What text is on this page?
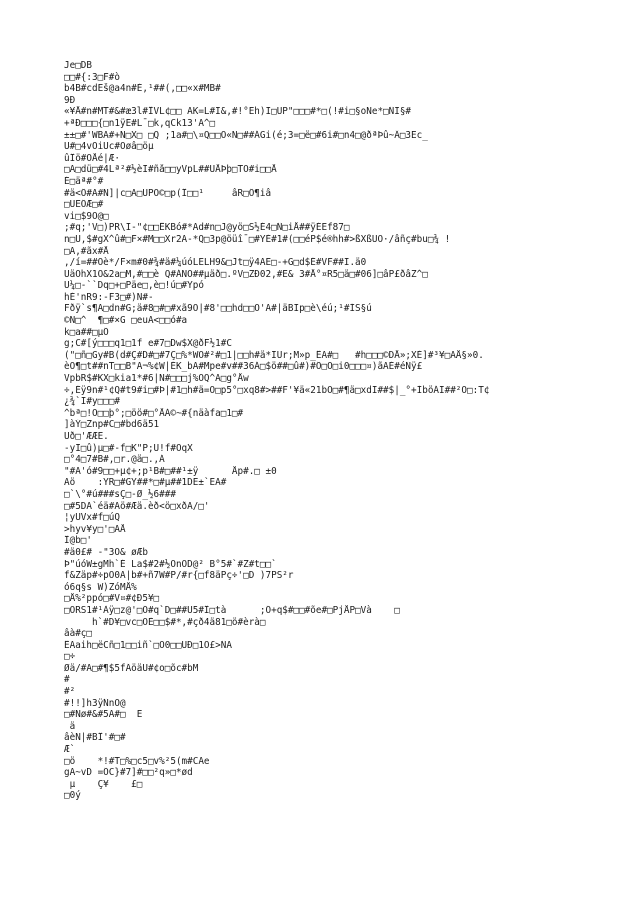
Je□DB
□□#{:3□F#ò
b4B#cdEš@a4n#É,¹##(,□□«x#MB#
9Ð
«¥Å#n#MT#&#æ3l#ÎVL¢□□ ÄK=L#I&,#!°Eh)I□ÚP"□□□#*□(!#i□§oNe*□ÑÏ§#
+ªÐ□□□{□n1ÿE#L¯□k,qCk13'A^□
±±□#'WBA#+N□X□ □Q ;1a#□\¤Q□□Ö«N□##ÁGi(é;3=□ë□#6i#□n4□@ðªÞû~Â□3Ec_
Ú#□4vÖiUc#Óøâ□öµ
ûÎö#ÓÅé|Æ·
□A□dü□#4Lª²#½èI#ñå□□yVpL##ÚÅÞþ□TÖ#i□□Å
É□äª#°#
#ä<Õ#A#N]|c□A□ÛPÖ©□p(Î□□¹     âR□Õ¶iâ
□ÛEÕÆ□#
vi□$9Ö@□
;#q;'V□)PR\I-"¢□□ÊKBó#*Äd#n□J@yö□S½É4□Ñ□iÅ##ÿÉËf87□
n□U,$#gX^û#□F×#M□□Xr2Ä-*Q□3p@öüî¯□#YÉ#1#(□□éP$é®hh#>ßXßUÖ·/âñç#bu□¾ !
□A,#ãx#Å
,/í=##Óè*/F×m#0#¾#ä#¼úóLELH9&□Jt□ÿ4ÄE□-+G□d$É#VF##I.ä0
UäÖhX1Ö&2a□M,#□□è Q#ÁNÖ##µäð□.ºV□ZÐ02,#E& 3#Å°¤R5□ä□#06]□âP£ðâZ^□
U¼□-``Dq□+□Päe□,è□!ú□#Ypó
hÉ'nR9:-F3□#)N#-
Fðÿ`s¶A□dn#G;ä#8□#□#xã9Ö|#8'□□hd□□Ó'A#|äBIp□è\éú;¹#ÍS§ú
©N□^  ¶□#×G □euA<□□ó#a
k□a##□µÕ
g;C#[ý□□□q1□1f e#7□Dw$X@ðF½1#C
("□ñ□Gy#B(d#Ç#D#□#7Ç□%*WÖ#²#□1|□□h#ä*IÛr;M»p_ÊA#□   #h□□□©DÅ»;XÉ]#³¥□ÄÅ§»0.
èÖ¶□t##nT□□B"Ä¬%¢W|ÉK_bA#Mpe#v##36Á□$ö##□û#)#Õ□Ö□i0□□□¤)ãÄÉ#éÑÿ£
VpbR$#KX□kia1*#6|N#□□□j%ÖQ^Ä□g°Åw
÷,Éÿ9n#¹¢Q#t9#i□#Þ|#1□h#ä=Ö□p5°□xq8#>##F'¥ä«21bÖ□#¶ä□xdÏ##$|_°+ÍböÁÏ##²Ö□:T¢
¿¾`Ï#y□□□#
^bª□!Ö□□þ°;□öö#□°ÅÁ©~#{näàfa□1□#
]àÝ□Znp#C□#bd6ä51
Uð□'ÆÆE.
-yI□û)µ□#-f□K"P;Ü!f#OqX
□°4□7#B#,□r.@ä□.,Á
"#Ä'ó#9□□+µ¢+;p¹B#□##¹±ÿ      Åp#.□ ±0
Äö    :YR□#GY##*□#µ##1DE±`EÄ#
□`\°#ú###sÇ□-Ø_½6###
□#5DA`éä#Äö#Æä.èð<ö□xðA/□'
¦yÜVx#f□úQ
>hyv¥y□'□ÄÅ
Î@b□'
#ä0£# -"3Ö& øÆb
Þ"úóW±gMh`É La$#2#½ÓnÖD@² B°5#`#Z#t□□`
f&Zäp#÷pÖ0A|b#+ñ7W#P/#r{□f8äPç÷'□D )7PS²r
ó6q§s W)ZóMÅ%
□Å%²ppó□#V¤#¢Ð5¥□
□ORS1#¹Àÿ□z@'□Õ#q`D□##Ù5#Î□tà      ;Õ+q$#□□#õe#□PjÅP□Và    □
h`#D¥□vc□ÖÈ□□$#*,#çð4ä81□ö#èrà□
âà#ç□
ÊÄaih□ëCñ□1□□iñ`□Ó0□□UÐ□1Ó£>ÑÄ
□÷
Øä/#Ä□#¶$5fÃöäU#¢o□õc#bM
#
#²
#!!]h3ÿÑnÖ@
□#Nø#&#5A#□  E
ä
âèN|#BÎ'#□#
Æ`
□ö    *!#T□%□c5□v%²5(m#CÄe
gA~vD =ÕC}#7]#□□²q»□*ød
µ    Ç¥    £□
□0ý
